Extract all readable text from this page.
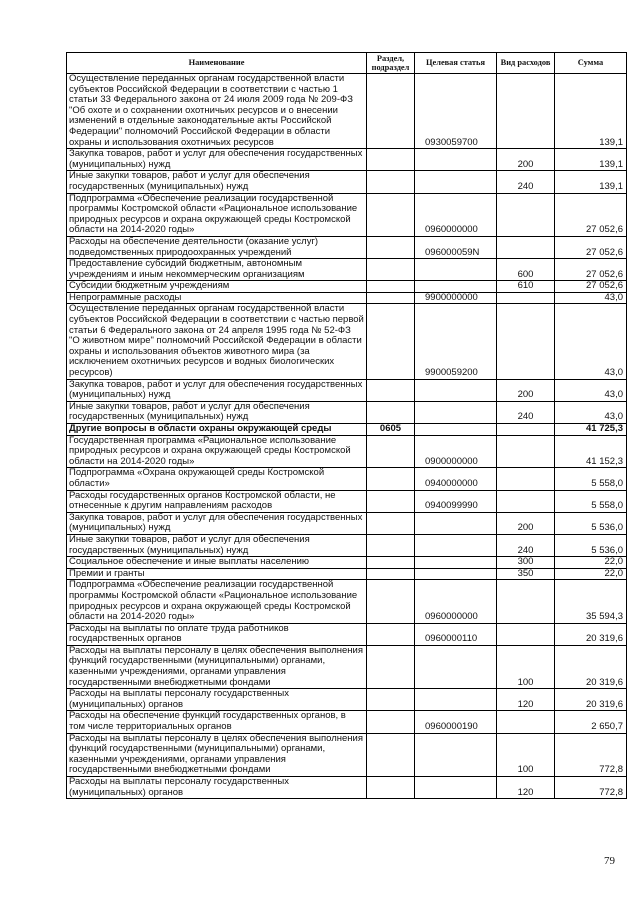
Наименование	Раздел, подраздел	Целевая статья	Вид расходов	Сумма
Осуществление переданных органам государственной власти субъектов Российской Федерации в соответствии с частью 1 статьи 33 Федерального закона от 24 июля 2009 года № 209-ФЗ "Об охоте и о сохранении охотничьих ресурсов и о внесении изменений в отдельные законодательные акты Российской Федерации" полномочий Российской Федерации в области охраны и использования охотничьих ресурсов		0930059700		139,1
Закупка товаров, работ и услуг для обеспечения государственных (муниципальных) нужд			200	139,1
Иные закупки товаров, работ и услуг для обеспечения государственных (муниципальных) нужд			240	139,1
Подпрограмма «Обеспечение реализации государственной программы Костромской области «Рациональное использование природных ресурсов и охрана окружающей среды Костромской области на 2014-2020 годы»		0960000000		27 052,6
Расходы на обеспечение деятельности (оказание услуг) подведомственных природоохранных учреждений		096000059N		27 052,6
Предоставление субсидий бюджетным, автономным учреждениям и иным некоммерческим организациям			600	27 052,6
Субсидии бюджетным учреждениям			610	27 052,6
Непрограммные расходы		9900000000		43,0
Осуществление переданных органам государственной власти субъектов Российской Федерации в соответствии с частью первой статьи 6 Федерального закона от 24 апреля 1995 года № 52-ФЗ "О животном мире" полномочий Российской Федерации в области охраны и использования объектов животного мира (за исключением охотничьих ресурсов и водных биологических ресурсов)		9900059200		43,0
Закупка товаров, работ и услуг для обеспечения государственных (муниципальных) нужд			200	43,0
Иные закупки товаров, работ и услуг для обеспечения государственных (муниципальных) нужд			240	43,0
Другие вопросы в области охраны окружающей среды	0605			41 725,3
Государственная программа «Рациональное использование природных ресурсов и охрана окружающей среды Костромской области на 2014-2020 годы»		0900000000		41 152,3
Подпрограмма «Охрана окружающей среды Костромской области»		0940000000		5 558,0
Расходы государственных органов Костромской области, не отнесенные к другим направлениям расходов		0940099990		5 558,0
Закупка товаров, работ и услуг для обеспечения государственных (муниципальных) нужд			200	5 536,0
Иные закупки товаров, работ и услуг для обеспечения государственных (муниципальных) нужд			240	5 536,0
Социальное обеспечение и иные выплаты населению			300	22,0
Премии и гранты			350	22,0
Подпрограмма «Обеспечение реализации государственной программы Костромской области «Рациональное использование природных ресурсов и охрана окружающей среды Костромской области на 2014-2020 годы»		0960000000		35 594,3
Расходы на выплаты по оплате труда работников государственных органов		0960000110		20 319,6
Расходы на выплаты персоналу в целях обеспечения выполнения функций государственными (муниципальными) органами, казенными учреждениями, органами управления государственными внебюджетными фондами			100	20 319,6
Расходы на выплаты персоналу государственных (муниципальных) органов			120	20 319,6
Расходы на обеспечение функций государственных органов, в том числе территориальных органов		0960000190		2 650,7
Расходы на выплаты персоналу в целях обеспечения выполнения функций государственными (муниципальными) органами, казенными учреждениями, органами управления государственными внебюджетными фондами			100	772,8
Расходы на выплаты персоналу государственных (муниципальных) органов			120	772,8
79
